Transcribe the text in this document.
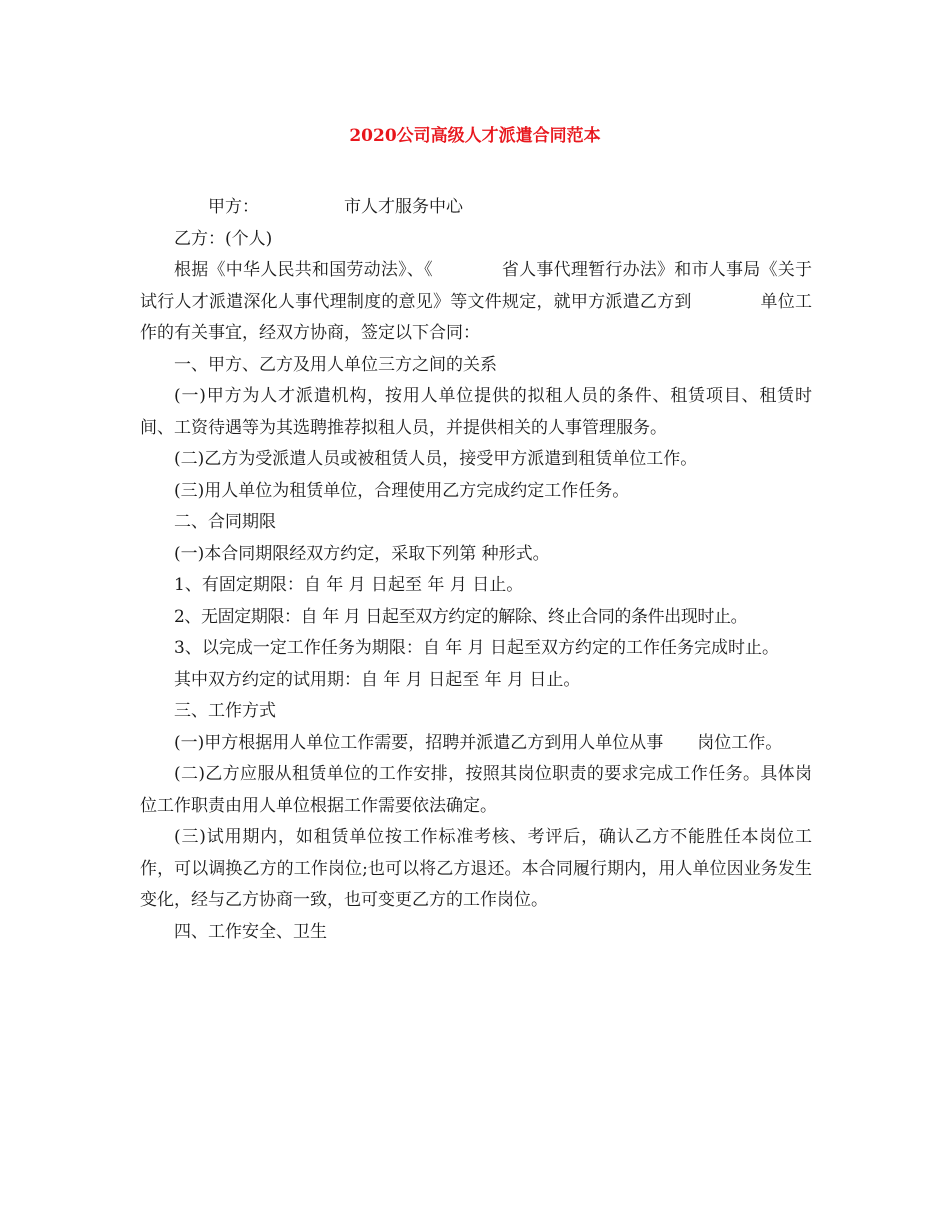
2020公司高级人才派遣合同范本

甲方：	市人才服务中心

乙方：(个人)

根据《中华人民共和国劳动法》、《　　　　省人事代理暂行办法》和市人事局《关于试行人才派遣深化人事代理制度的意见》等文件规定，就甲方派遣乙方到　　　　单位工作的有关事宜，经双方协商，签定以下合同：

一、甲方、乙方及用人单位三方之间的关系

(一)甲方为人才派遣机构，按用人单位提供的拟租人员的条件、租赁项目、租赁时间、工资待遇等为其选聘推荐拟租人员，并提供相关的人事管理服务。

(二)乙方为受派遣人员或被租赁人员，接受甲方派遣到租赁单位工作。

(三)用人单位为租赁单位，合理使用乙方完成约定工作任务。

二、合同期限

(一)本合同期限经双方约定，采取下列第 种形式。

1、有固定期限：自 年 月 日起至 年 月 日止。

2、无固定期限：自 年 月 日起至双方约定的解除、终止合同的条件出现时止。

3、以完成一定工作任务为期限：自 年 月 日起至双方约定的工作任务完成时止。

其中双方约定的试用期：自 年 月 日起至 年 月 日止。

三、工作方式

(一)甲方根据用人单位工作需要，招聘并派遣乙方到用人单位从事　　岗位工作。

(二)乙方应服从租赁单位的工作安排，按照其岗位职责的要求完成工作任务。具体岗位工作职责由用人单位根据工作需要依法确定。

(三)试用期内，如租赁单位按工作标准考核、考评后，确认乙方不能胜任本岗位工作，可以调换乙方的工作岗位;也可以将乙方退还。本合同履行期内，用人单位因业务发生变化，经与乙方协商一致，也可变更乙方的工作岗位。

四、工作安全、卫生
